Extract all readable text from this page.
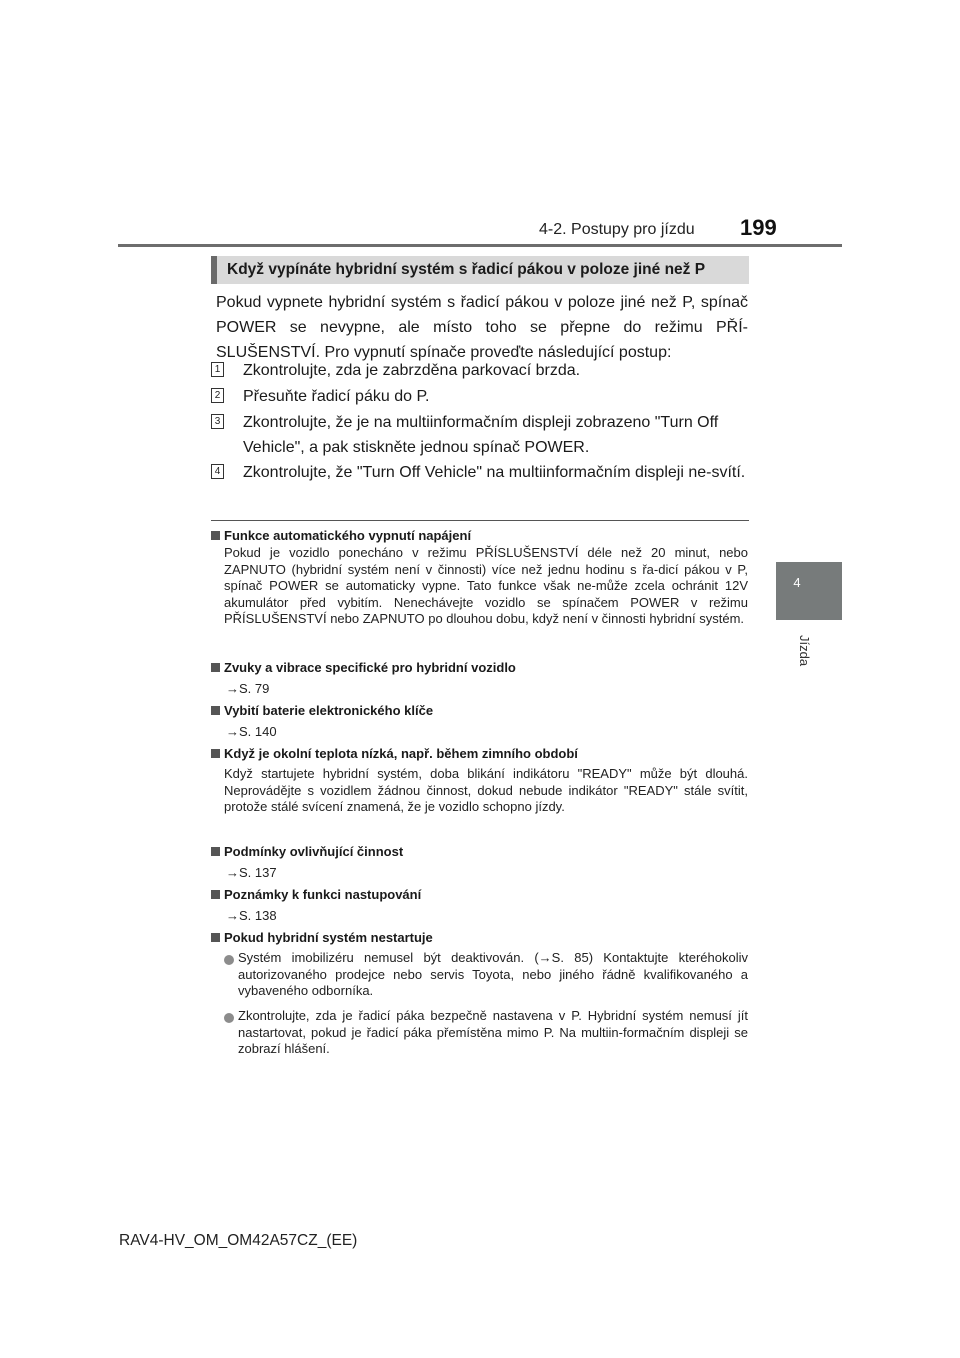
4-2. Postupy pro jízdu 199
4
Jízda
Když vypínáte hybridní systém s řadicí pákou v poloze jiné než P
Pokud vypnete hybridní systém s řadicí pákou v poloze jiné než P, spínač POWER se nevypne, ale místo toho se přepne do režimu PŘÍ-SLUŠENSTVÍ. Pro vypnutí spínače proveďte následující postup:
1 Zkontrolujte, zda je zabrzděna parkovací brzda.
2 Přesuňte řadicí páku do P.
3 Zkontrolujte, že je na multiinformačním displeji zobrazeno "Turn Off Vehicle", a pak stiskněte jednou spínač POWER.
4 Zkontrolujte, že "Turn Off Vehicle" na multiinformačním displeji ne-svítí.
Funkce automatického vypnutí napájení
Pokud je vozidlo ponecháno v režimu PŘÍSLUŠENSTVÍ déle než 20 minut, nebo ZAPNUTO (hybridní systém není v činnosti) více než jednu hodinu s řa-dicí pákou v P, spínač POWER se automaticky vypne. Tato funkce však ne-může zcela ochránit 12V akumulátor před vybitím. Nenechávejte vozidlo se spínačem POWER v režimu PŘÍSLUŠENSTVÍ nebo ZAPNUTO po dlouhou dobu, když není v činnosti hybridní systém.
Zvuky a vibrace specifické pro hybridní vozidlo
→S. 79
Vybití baterie elektronického klíče
→S. 140
Když je okolní teplota nízká, např. během zimního období
Když startujete hybridní systém, doba blikání indikátoru "READY" může být dlouhá. Neprovádějte s vozidlem žádnou činnost, dokud nebude indikátor "READY" stále svítit, protože stálé svícení znamená, že je vozidlo schopno jízdy.
Podmínky ovlivňující činnost
→S. 137
Poznámky k funkci nastupování
→S. 138
Pokud hybridní systém nestartuje
Systém imobilizéru nemusel být deaktivován. (→S. 85) Kontaktujte kteréhokoliv autorizovaného prodejce nebo servis Toyota, nebo jiného řádně kvalifikovaného a vybaveného odborníka.
Zkontrolujte, zda je řadicí páka bezpečně nastavena v P. Hybridní systém nemusí jít nastartovat, pokud je řadicí páka přemístěna mimo P. Na multiin-formačním displeji se zobrazí hlášení.
RAV4-HV_OM_OM42A57CZ_(EE)
